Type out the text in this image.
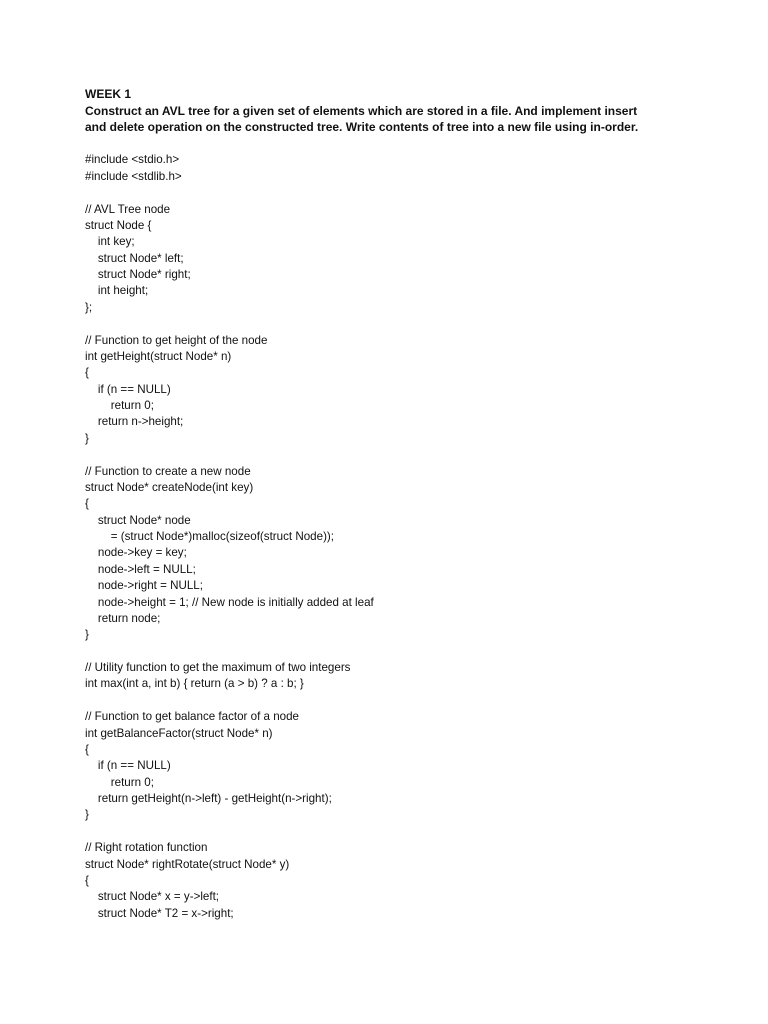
WEEK 1
Construct an AVL tree for a given set of elements which are stored in a file. And implement insert
and delete operation on the constructed tree. Write contents of tree into a new file using in-order.
#include <stdio.h>
#include <stdlib.h>
// AVL Tree node
struct Node {
int key;
struct Node* left;
struct Node* right;
int height;
};
// Function to get height of the node
int getHeight(struct Node* n)
{
if (n == NULL)
return 0;
return n->height;
}
// Function to create a new node
struct Node* createNode(int key)
{
struct Node* node
= (struct Node*)malloc(sizeof(struct Node));
node->key = key;
node->left = NULL;
node->right = NULL;
node->height = 1; // New node is initially added at leaf
return node;
}
// Utility function to get the maximum of two integers
int max(int a, int b) { return (a > b) ? a : b; }
// Function to get balance factor of a node
int getBalanceFactor(struct Node* n)
{
if (n == NULL)
return 0;
return getHeight(n->left) - getHeight(n->right);
}
// Right rotation function
struct Node* rightRotate(struct Node* y)
{
struct Node* x = y->left;
struct Node* T2 = x->right;
